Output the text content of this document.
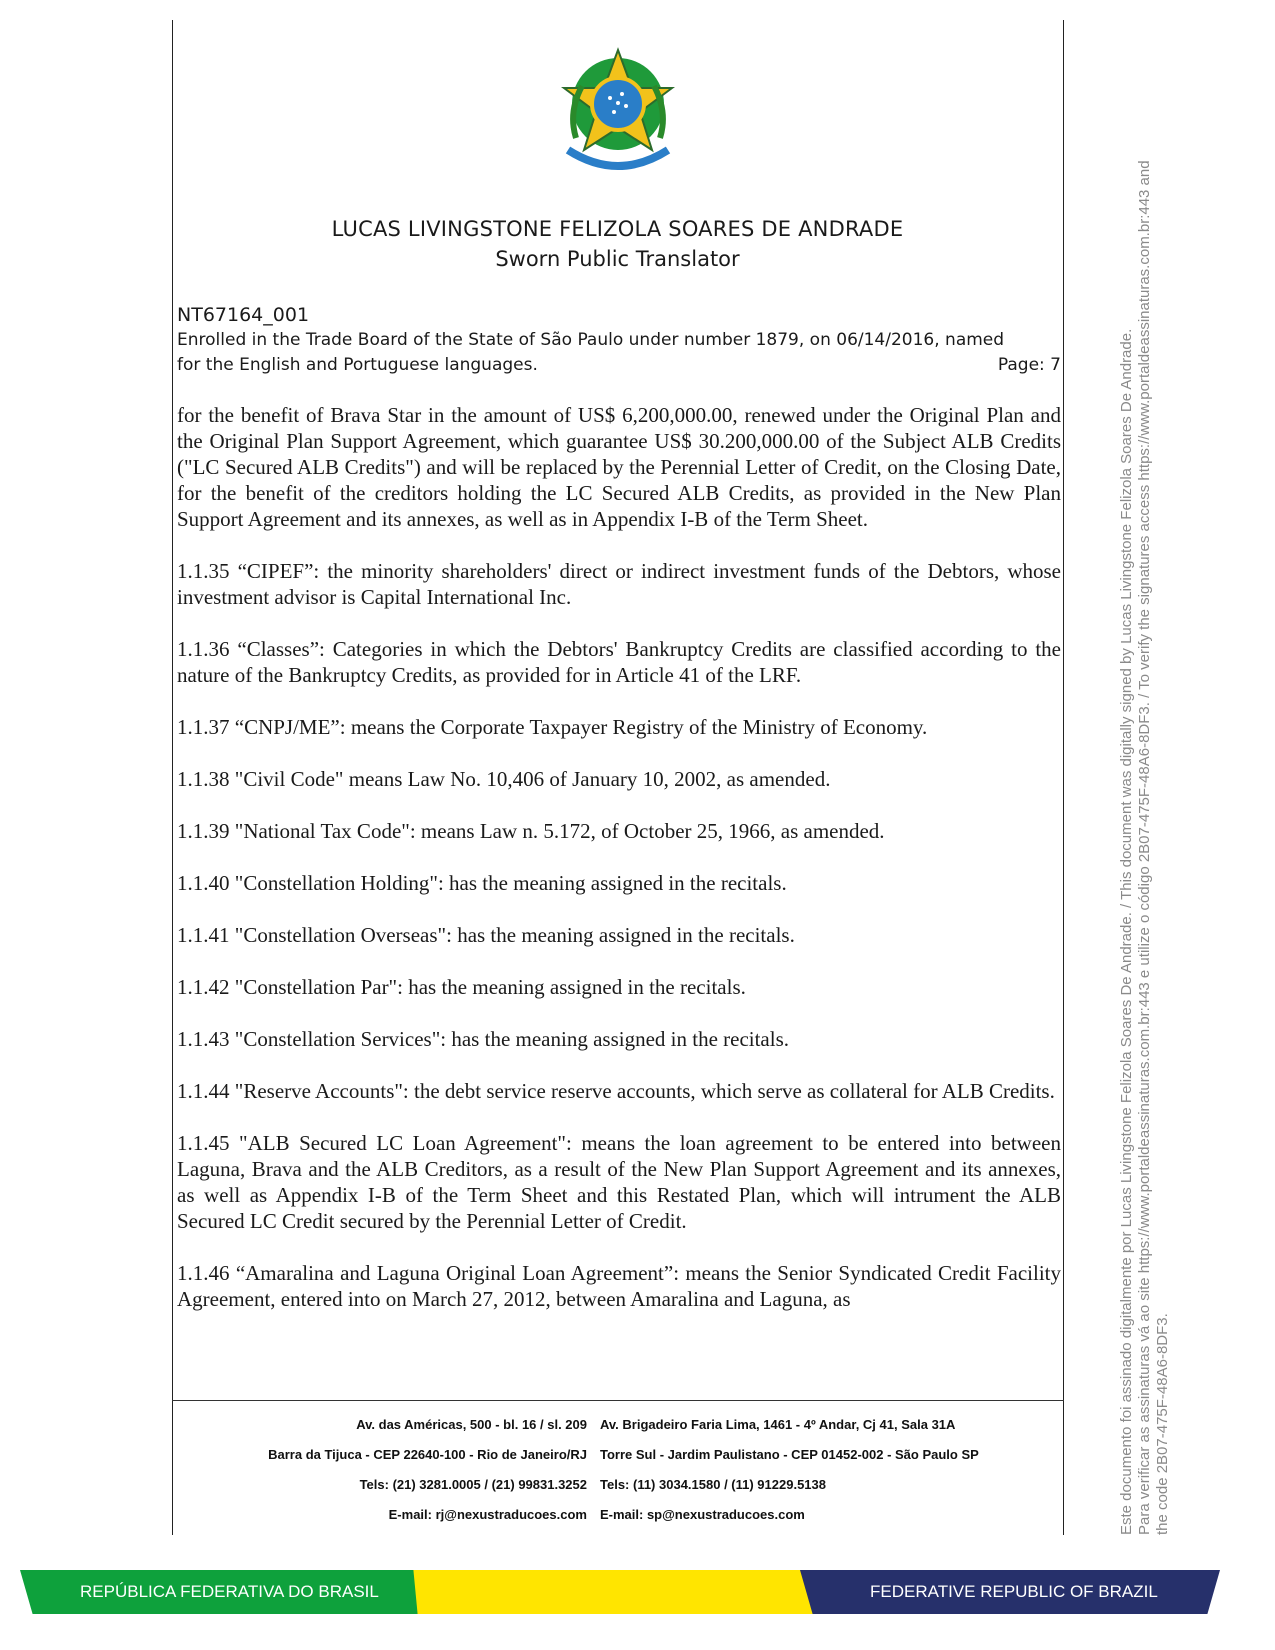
LUCAS LIVINGSTONE FELIZOLA SOARES DE ANDRADE
Sworn Public Translator
NT67164_001
Enrolled in the Trade Board of the State of São Paulo under number 1879, on 06/14/2016, named
for the English and Portuguese languages.	Page: 7

for the benefit of Brava Star in the amount of US$ 6,200,000.00, renewed under the Original Plan and the Original Plan Support Agreement, which guarantee US$ 30.200,000.00 of the Subject ALB Credits ("LC Secured ALB Credits") and will be replaced by the Perennial Letter of Credit, on the Closing Date, for the benefit of the creditors holding the LC Secured ALB Credits, as provided in the New Plan Support Agreement and its annexes, as well as in Appendix I-B of the Term Sheet.

1.1.35 “CIPEF”: the minority shareholders' direct or indirect investment funds of the Debtors, whose investment advisor is Capital International Inc.

1.1.36 “Classes”: Categories in which the Debtors' Bankruptcy Credits are classified according to the nature of the Bankruptcy Credits, as provided for in Article 41 of the LRF.

1.1.37 “CNPJ/ME”: means the Corporate Taxpayer Registry of the Ministry of Economy.

1.1.38 "Civil Code" means Law No. 10,406 of January 10, 2002, as amended.

1.1.39 "National Tax Code": means Law n. 5.172, of October 25, 1966, as amended.

1.1.40 "Constellation Holding": has the meaning assigned in the recitals.

1.1.41 "Constellation Overseas": has the meaning assigned in the recitals.

1.1.42 "Constellation Par": has the meaning assigned in the recitals.

1.1.43 "Constellation Services": has the meaning assigned in the recitals.

1.1.44 "Reserve Accounts": the debt service reserve accounts, which serve as collateral for ALB Credits.

1.1.45 "ALB Secured LC Loan Agreement": means the loan agreement to be entered into between Laguna, Brava and the ALB Creditors, as a result of the New Plan Support Agreement and its annexes, as well as Appendix I-B of the Term Sheet and this Restated Plan, which will intrument the ALB Secured LC Credit secured by the Perennial Letter of Credit.

1.1.46 “Amaralina and Laguna Original Loan Agreement”: means the Senior Syndicated Credit Facility Agreement, entered into on March 27, 2012, between Amaralina and Laguna, as

Av. das Américas, 500 - bl. 16 / sl. 209
Barra da Tijuca - CEP 22640-100 - Rio de Janeiro/RJ
Tels: (21) 3281.0005 / (21) 99831.3252
E-mail: rj@nexustraducoes.com
Av. Brigadeiro Faria Lima, 1461 - 4º Andar, Cj 41, Sala 31A
Torre Sul - Jardim Paulistano - CEP 01452-002 - São Paulo SP
Tels: (11) 3034.1580 / (11) 91229.5138
E-mail: sp@nexustraducoes.com	Este documento foi assinado digitalmente por Lucas Livingstone Felizola Soares De Andrade. / This document was digitally signed by Lucas Livingstone Felizola Soares De Andrade. Para verificar as assinaturas vá ao site https://www.portaldeassinaturas.com.br:443 e utilize o código 2B07-475F-48A6-8DF3. / To verify the signatures access https://www.portaldeassinaturas.com.br:443 and the code 2B07-475F-48A6-8DF3.
REPÚBLICA FEDERATIVA DO BRASIL	FEDERATIVE REPUBLIC OF BRAZIL
